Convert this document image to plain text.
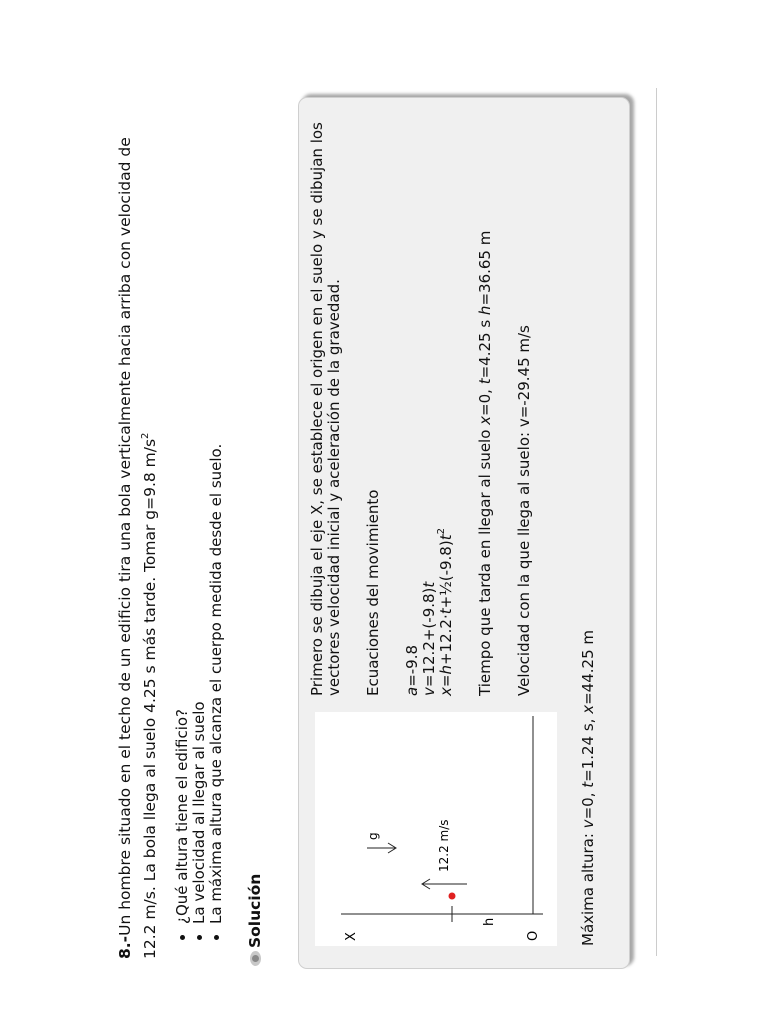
8.-Un hombre situado en el techo de un edificio tira una bola verticalmente hacia arriba con velocidad de 12.2 m/s. La bola llega al suelo 4.25 s más tarde. Tomar g=9.8 $m/s^2$
• ¿Qué altura tiene el edificio? • La velocidad al llegar al suelo • La máxima altura que alcanza el cuerpo medida desde el suelo. Solución	X	O
h
12.2 m/s
g

Primero se dibuja el eje X, se establece el origen en el suelo y se dibujan los vectores velocidad inicial y aceleración de la gravedad. Ecuaciones del movimiento a=-9.8
v=12.2+(-9.8)t
$x=h+12.2\cdot t+\frac{1}{2}(-9.8)t^2$	Tiempo que tarda en llegar al suelo x=0, t=4.25 s h=36.65 m

Velocidad con la que llega al suelo: v=-29.45 m/s

Máxima altura: v=0, t=1.24 s, x=44.25 m
